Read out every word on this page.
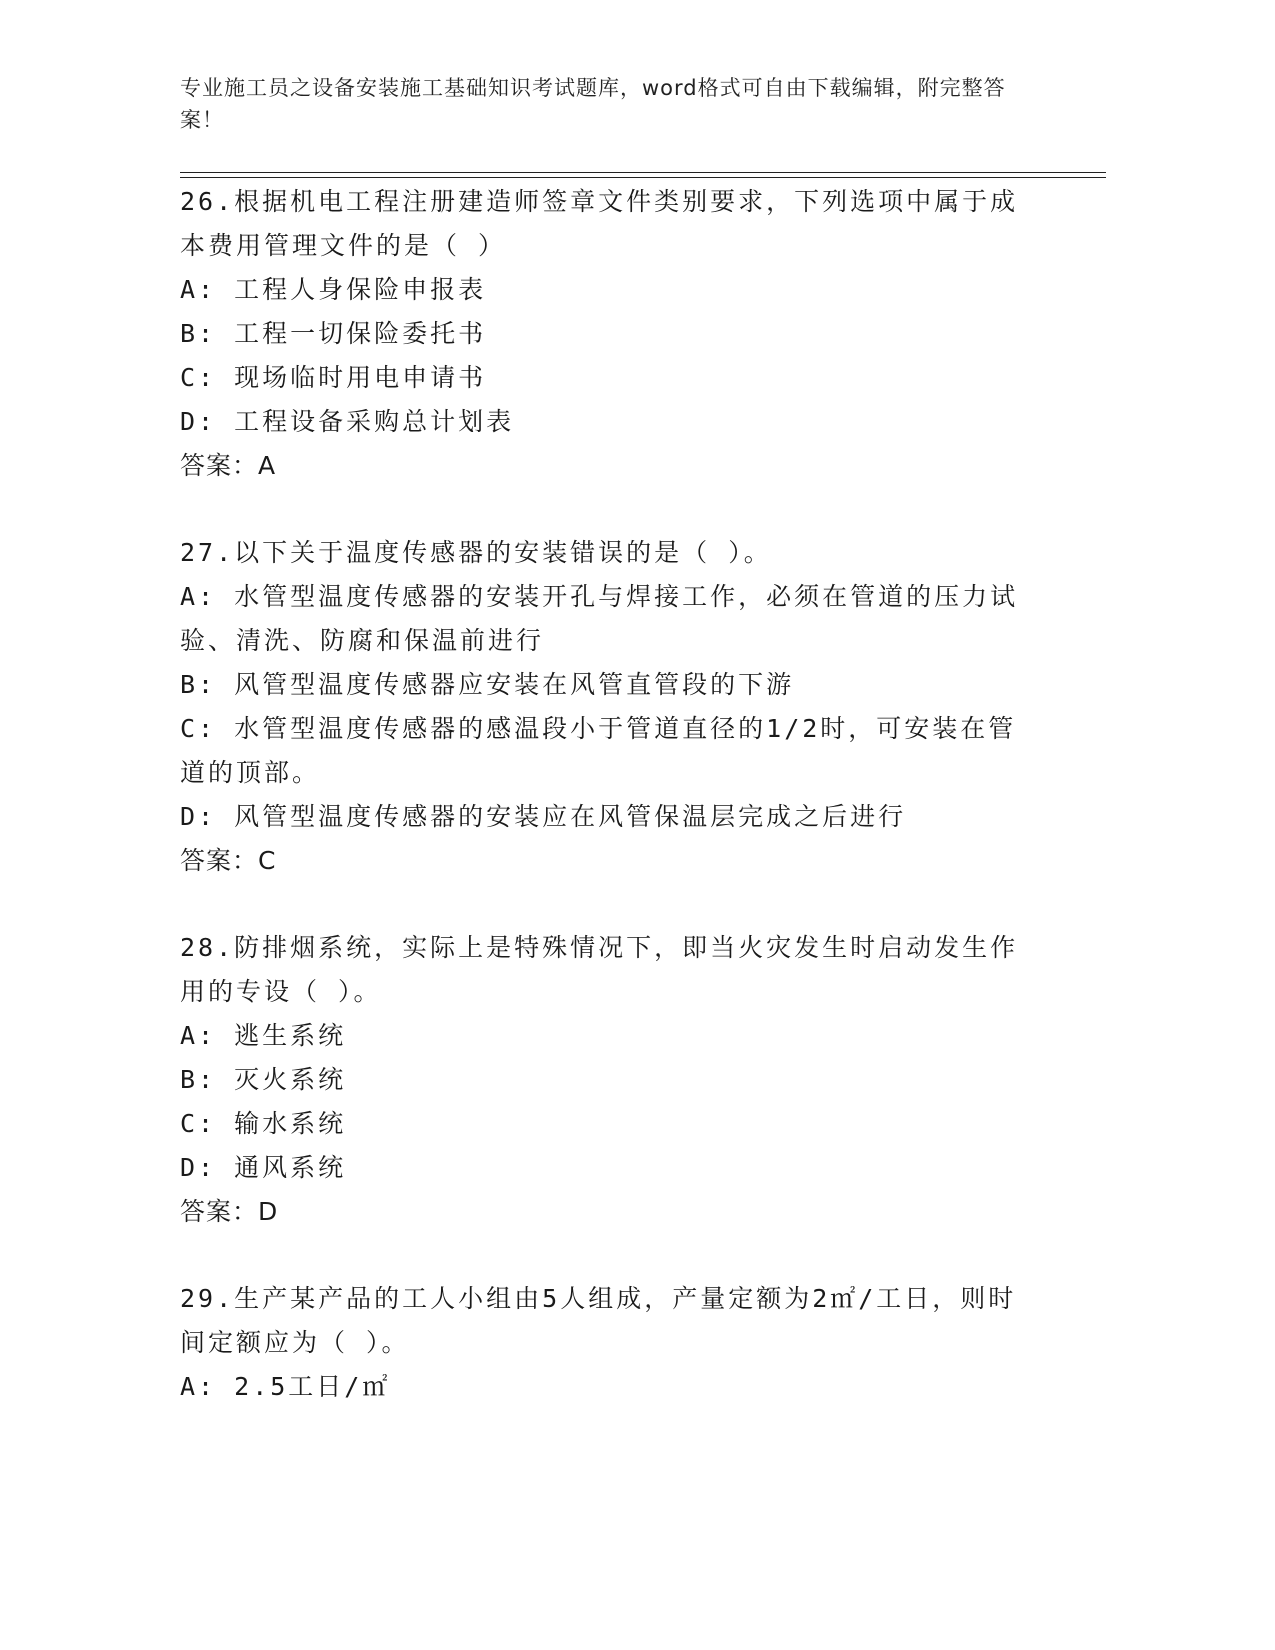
专业施工员之设备安装施工基础知识考试题库，word格式可自由下载编辑，附完整答案！

26.根据机电工程注册建造师签章文件类别要求，下列选项中属于成本费用管理文件的是（ ）

A: 工程人身保险申报表

B: 工程一切保险委托书

C: 现场临时用电申请书

D: 工程设备采购总计划表

答案：A

27.以下关于温度传感器的安装错误的是（ ）。

A: 水管型温度传感器的安装开孔与焊接工作，必须在管道的压力试验、清洗、防腐和保温前进行

B: 风管型温度传感器应安装在风管直管段的下游

C: 水管型温度传感器的感温段小于管道直径的1/2时，可安装在管道的顶部。

D: 风管型温度传感器的安装应在风管保温层完成之后进行

答案：C

28.防排烟系统，实际上是特殊情况下，即当火灾发生时启动发生作用的专设（ ）。

A: 逃生系统

B: 灭火系统

C: 输水系统

D: 通风系统

答案：D

29.生产某产品的工人小组由5人组成，产量定额为2㎡/工日，则时间定额应为（ ）。

A: 2.5工日/㎡
